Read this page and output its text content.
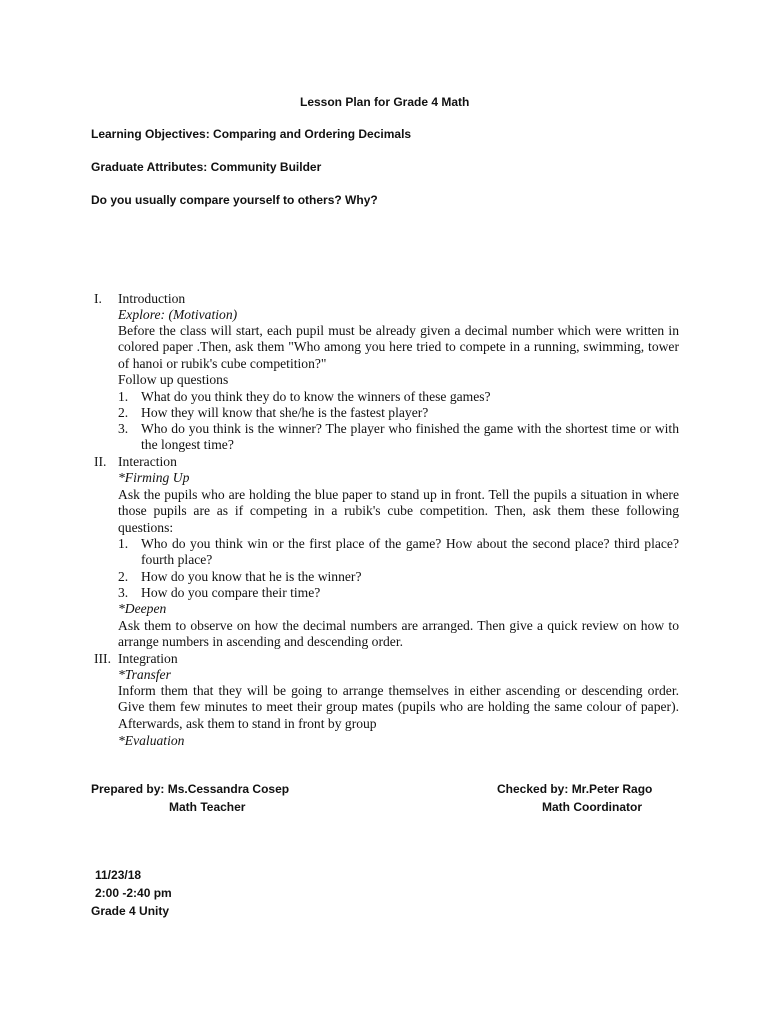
Lesson Plan for Grade 4 Math
Learning Objectives: Comparing and Ordering Decimals
Graduate Attributes: Community Builder
Do you usually compare yourself to others? Why?
I. Introduction
Explore: (Motivation)
Before the class will start, each pupil must be already given a decimal number which were written in colored paper .Then, ask them "Who among you here tried to compete in a running, swimming, tower of hanoi or rubik's cube competition?"
Follow up questions
1. What do you think they do to know the winners of these games?
2. How they will know that she/he is the fastest player?
3. Who do you think is the winner? The player who finished the game with the shortest time or with the longest time?
II. Interaction
*Firming Up
Ask the pupils who are holding the blue paper to stand up in front. Tell the pupils a situation in where those pupils are as if competing in a rubik's cube competition. Then, ask them these following questions:
1. Who do you think win or the first place of the game? How about the second place? third place? fourth place?
2. How do you know that he is the winner?
3. How do you compare their time?
*Deepen
Ask them to observe on how the decimal numbers are arranged. Then give a quick review on how to arrange numbers in ascending and descending order.
III. Integration
*Transfer
Inform them that they will be going to arrange themselves in either ascending or descending order. Give them few minutes to meet their group mates (pupils who are holding the same colour of paper). Afterwards, ask them to stand in front by group
*Evaluation
Prepared by: Ms.Cessandra Cosep
Math Teacher
Checked by: Mr.Peter Rago
Math Coordinator
11/23/18
2:00 -2:40 pm
Grade 4 Unity
